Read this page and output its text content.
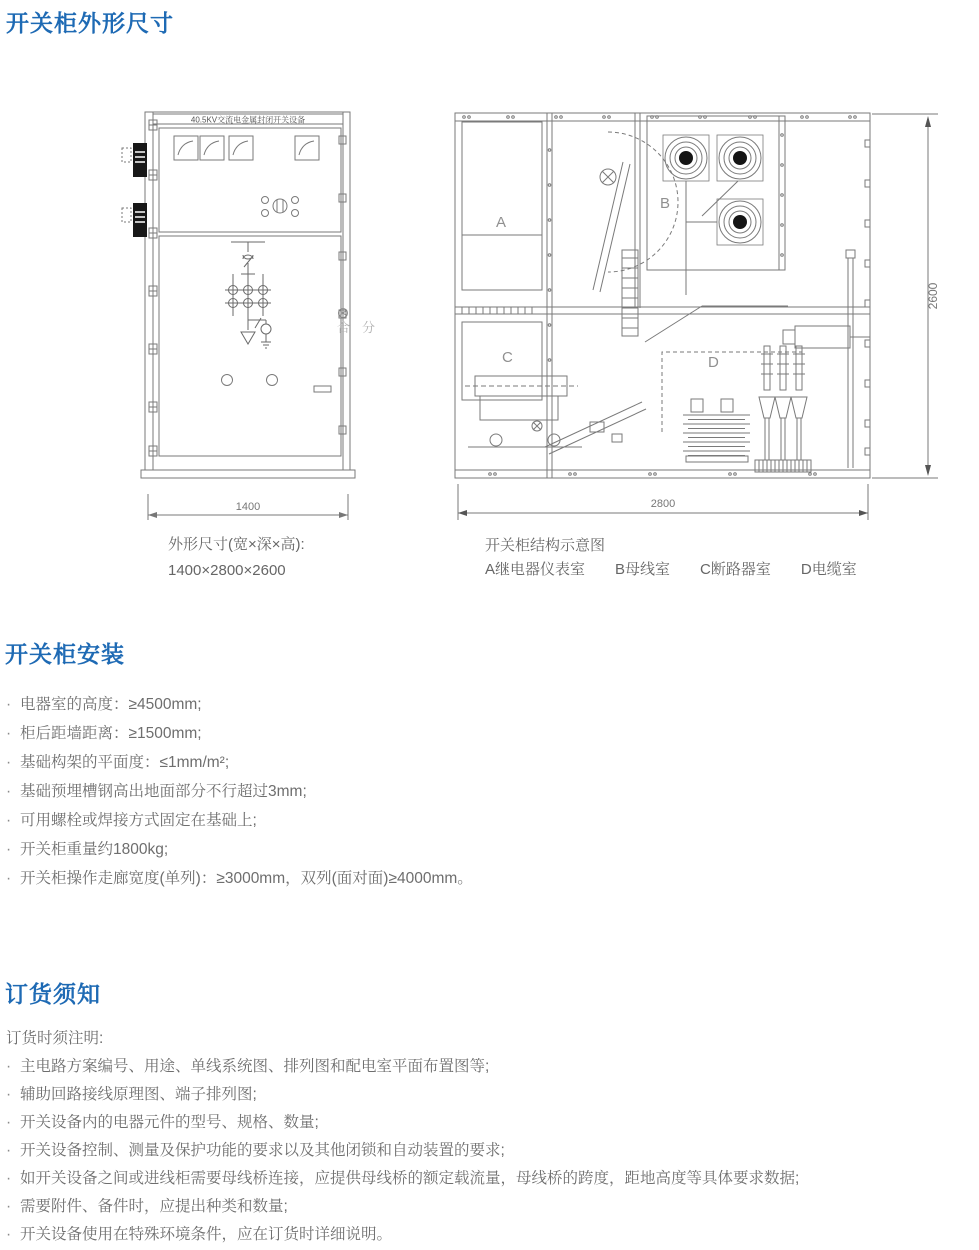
开关柜外形尺寸
40.5KV交流电金属封闭开关设备
合 分
1400
A
B
C	D
2800
2600
外形尺寸(宽×深×高):
1400×2800×2600
开关柜结构示意图
A继电器仪表室 B母线室 C断路器室 D电缆室
开关柜安装
· 电器室的高度：≥4500mm;
· 柜后距墙距离：≥1500mm;
· 基础构架的平面度：≤1mm/m²;
· 基础预埋槽钢高出地面部分不行超过3mm;
· 可用螺栓或焊接方式固定在基础上;
· 开关柜重量约1800kg;
· 开关柜操作走廊宽度(单列)：≥3000mm，双列(面对面)≥4000mm。
订货须知
订货时须注明:
· 主电路方案编号、用途、单线系统图、排列图和配电室平面布置图等;
· 辅助回路接线原理图、端子排列图;
· 开关设备内的电器元件的型号、规格、数量;
· 开关设备控制、测量及保护功能的要求以及其他闭锁和自动装置的要求;
· 如开关设备之间或进线柜需要母线桥连接，应提供母线桥的额定载流量，母线桥的跨度，距地高度等具体要求数据;
· 需要附件、备件时，应提出种类和数量;
· 开关设备使用在特殊环境条件，应在订货时详细说明。
